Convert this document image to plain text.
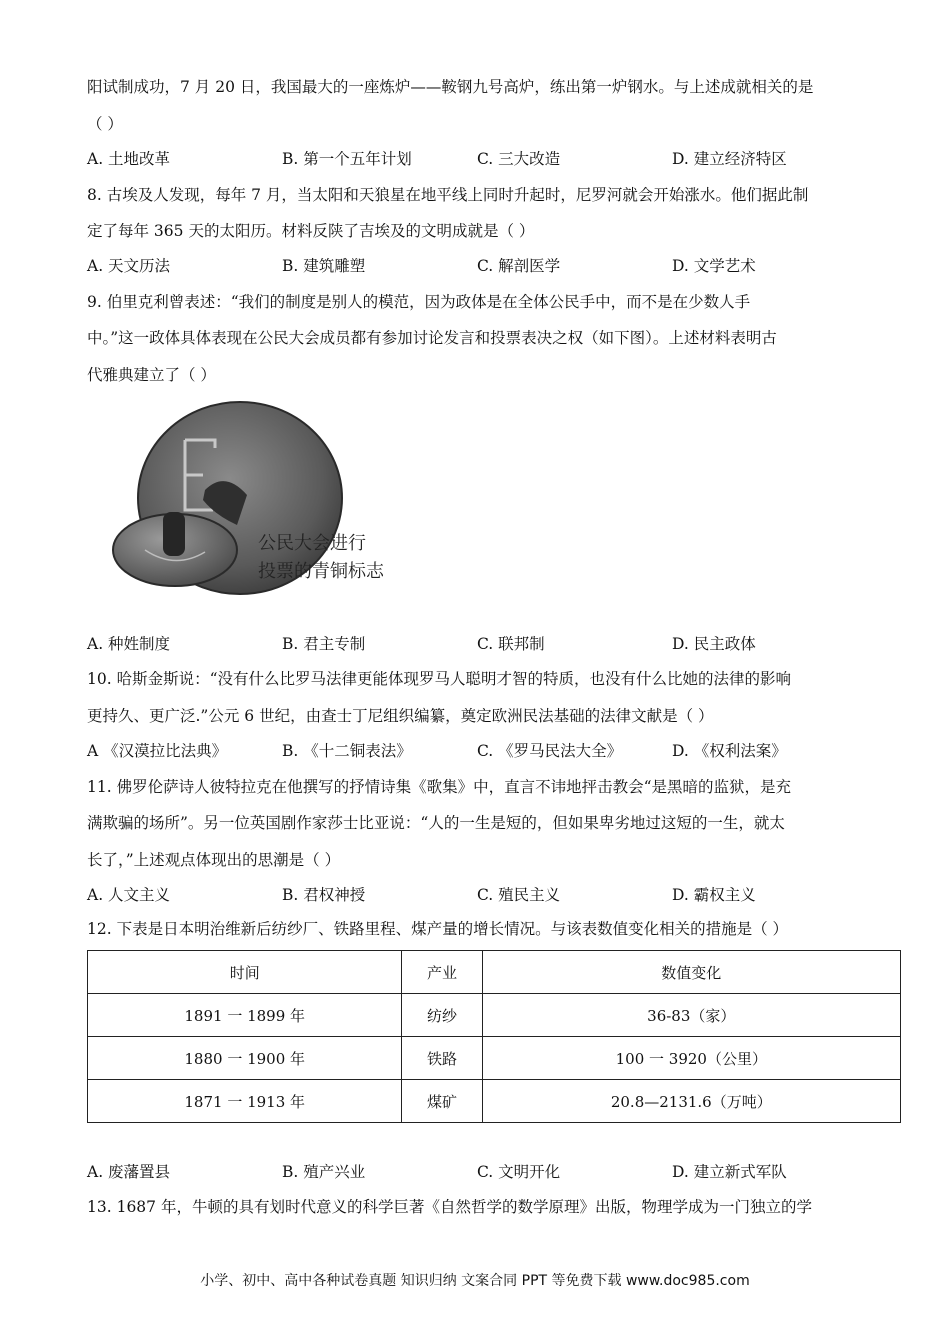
阳试制成功，7 月 20 日，我国最大的一座炼炉——鞍钢九号高炉，练出第一炉钢水。与上述成就相关的是
（ ）
A. 土地改革	B. 第一个五年计划	C. 三大改造	D. 建立经济特区
8. 古埃及人发现，每年 7 月，当太阳和天狼星在地平线上同时升起时，尼罗河就会开始涨水。他们据此制
定了每年 365 天的太阳历。材料反陕了吉埃及的文明成就是（ ）
A. 天文历法	B. 建筑雕塑	C. 解剖医学	D. 文学艺术
9. 伯里克利曾表述：“我们的制度是别人的模范，因为政体是在全体公民手中，而不是在少数人手
中。”这一政体具体表现在公民大会成员都有参加讨论发言和投票表决之权（如下图）。上述材料表明古
代雅典建立了（ ）
公民大会进行
投票的青铜标志
A. 种姓制度	B. 君主专制	C. 联邦制	D. 民主政体
10. 哈斯金斯说：“没有什么比罗马法律更能体现罗马人聪明才智的特质，也没有什么比她的法律的影响
更持久、更广泛.”公元 6 世纪，由查士丁尼组织编纂，奠定欧洲民法基础的法律文献是（ ）
A 《汉漠拉比法典》	B. 《十二铜表法》	C. 《罗马民法大全》	D. 《权利法案》
11. 佛罗伦萨诗人彼特拉克在他撰写的抒情诗集《歌集》中，直言不讳地抨击教会“是黑暗的监狱，是充
满欺骗的场所”。另一位英国剧作家莎士比亚说：“人的一生是短的，但如果卑劣地过这短的一生，就太
长了，”上述观点体现出的思潮是（ ）
A. 人文主义	B. 君权神授	C. 殖民主义	D. 霸权主义
12. 下表是日本明治维新后纺纱厂、铁路里程、煤产量的增长情况。与该表数值变化相关的措施是（ ）
时间	产业	数值变化
1891 一 1899 年	纺纱	36-83（家）
1880 一 1900 年	铁路	100 一 3920（公里）
1871 一 1913 年	煤矿	20.8—2131.6（万吨）
A. 废藩置县	B. 殖产兴业	C. 文明开化	D. 建立新式军队
13. 1687 年，牛顿的具有划时代意义的科学巨著《自然哲学的数学原理》出版，物理学成为一门独立的学
小学、初中、高中各种试卷真题 知识归纳 文案合同 PPT 等免费下载 www.doc985.com
